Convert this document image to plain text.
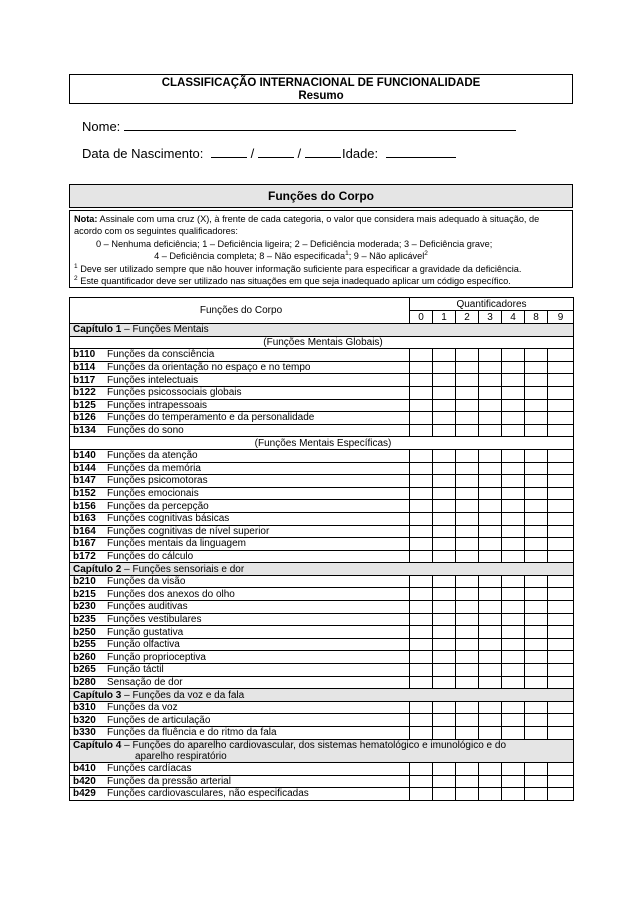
CLASSIFICAÇÃO INTERNACIONAL DE FUNCIONALIDADE
Resumo
Nome:
Data de Nascimento:	/	/	Idade:
Funções do Corpo
Nota: Assinale com uma cruz (X), à frente de cada categoria, o valor que considera mais adequado à situação, de acordo com os seguintes qualificadores:
0 – Nenhuma deficiência; 1 – Deficiência ligeira; 2 – Deficiência moderada; 3 – Deficiência grave;
4 – Deficiência completa; 8 – Não especificada$^1$; 9 – Não aplicável$^2$
$^1$ Deve ser utilizado sempre que não houver informação suficiente para especificar a gravidade da deficiência.
$^2$ Este quantificador deve ser utilizado nas situações em que seja inadequado aplicar um código específico.
Funções do Corpo	Quantificadores						
	0	1	2	3	4	8	9
Capítulo 1 – Funções Mentais							
(Funções Mentais Globais)							
b110 Funções da consciência							
b114 Funções da orientação no espaço e no tempo							
b117 Funções intelectuais							
b122 Funções psicossociais globais							
b125 Funções intrapessoais							
b126 Funções do temperamento e da personalidade							
b134 Funções do sono							
(Funções Mentais Específicas)							
b140 Funções da atenção							
b144 Funções da memória							
b147 Funções psicomotoras							
b152 Funções emocionais							
b156 Funções da percepção							
b163 Funções cognitivas básicas							
b164 Funções cognitivas de nível superior							
b167 Funções mentais da linguagem							
b172 Funções do cálculo							
Capítulo 2 – Funções sensoriais e dor							
b210 Funções da visão							
b215 Funções dos anexos do olho							
b230 Funções auditivas							
b235 Funções vestibulares							
b250 Função gustativa							
b255 Função olfactiva							
b260 Função proprioceptiva							
b265 Função táctil							
b280 Sensação de dor							
Capítulo 3 – Funções da voz e da fala							
b310 Funções da voz							
b320 Funções de articulação							
b330 Funções da fluência e do ritmo da fala							
Capítulo 4 – Funções do aparelho cardiovascular, dos sistemas hematológico e imunológico e do
aparelho respiratório							

b410 Funções cardíacas							
b420 Funções da pressão arterial							
b429 Funções cardiovasculares, não especificadas							
